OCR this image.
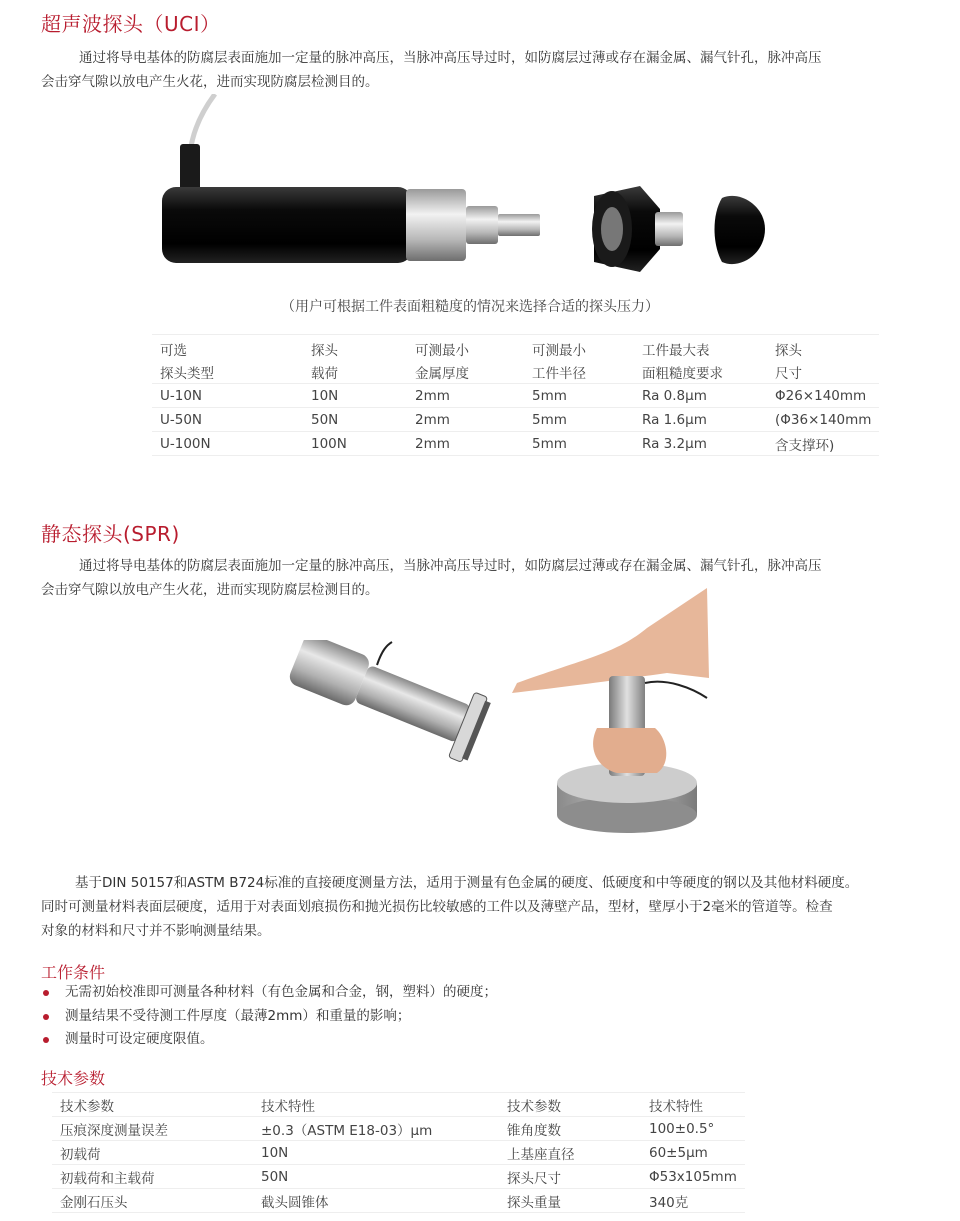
超声波探头（UCI）

通过将导电基体的防腐层表面施加一定量的脉冲高压，当脉冲高压导过时，如防腐层过薄或存在漏金属、漏气针孔，脉冲高压

会击穿气隙以放电产生火花，进而实现防腐层检测目的。

（用户可根据工件表面粗糙度的情况来选择合适的探头压力）
可选	探头	可测最小	可测最小	工件最大表	探头
探头类型	载荷	金属厚度	工件半径	面粗糙度要求	尺寸
U-10N	10N	2mm	5mm	Ra 0.8μm	Φ26×140mm
U-50N	50N	2mm	5mm	Ra 1.6μm	(Φ36×140mm
U-100N	100N	2mm	5mm	Ra 3.2μm	含支撑环)
静态探头(SPR)

通过将导电基体的防腐层表面施加一定量的脉冲高压，当脉冲高压导过时，如防腐层过薄或存在漏金属、漏气针孔，脉冲高压

会击穿气隙以放电产生火花，进而实现防腐层检测目的。

基于DIN 50157和ASTM B724标准的直接硬度测量方法，适用于测量有色金属的硬度、低硬度和中等硬度的钢以及其他材料硬度。

同时可测量材料表面层硬度，适用于对表面划痕损伤和抛光损伤比较敏感的工件以及薄壁产品，型材，壁厚小于2毫米的管道等。检查

对象的材料和尺寸并不影响测量结果。

工作条件
无需初始校准即可测量各种材料（有色金属和合金，钢，塑料）的硬度；
测量结果不受待测工件厚度（最薄2mm）和重量的影响；
测量时可设定硬度限值。
技术参数
技术参数	技术特性	技术参数	技术特性
压痕深度测量误差	±0.3（ASTM E18-03）μm	锥角度数	100±0.5°
初载荷	10N	上基座直径	60±5μm
初载荷和主载荷	50N	探头尺寸	Φ53x105mm
金刚石压头	截头圆锥体	探头重量	340克
